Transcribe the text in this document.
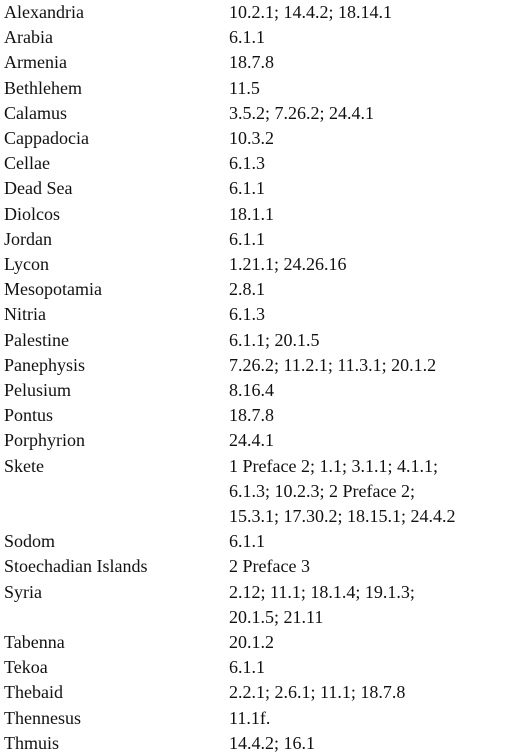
Alexandria	10.2.1; 14.4.2; 18.14.1
Arabia	6.1.1
Armenia	18.7.8
Bethlehem	11.5
Calamus	3.5.2; 7.26.2; 24.4.1
Cappadocia	10.3.2
Cellae	6.1.3
Dead Sea	6.1.1
Diolcos	18.1.1
Jordan	6.1.1
Lycon	1.21.1; 24.26.16
Mesopotamia	2.8.1
Nitria	6.1.3
Palestine	6.1.1; 20.1.5
Panephysis	7.26.2; 11.2.1; 11.3.1; 20.1.2
Pelusium	8.16.4
Pontus	18.7.8
Porphyrion	24.4.1
Skete	1 Preface 2; 1.1; 3.1.1; 4.1.1;
6.1.3; 10.2.3; 2 Preface 2;
15.3.1; 17.30.2; 18.15.1; 24.4.2
Sodom	6.1.1
Stoechadian Islands	2 Preface 3
Syria	2.12; 11.1; 18.1.4; 19.1.3;
20.1.5; 21.11
Tabenna	20.1.2
Tekoa	6.1.1
Thebaid	2.2.1; 2.6.1; 11.1; 18.7.8
Thennesus	11.1f.
Thmuis	14.4.2; 16.1
